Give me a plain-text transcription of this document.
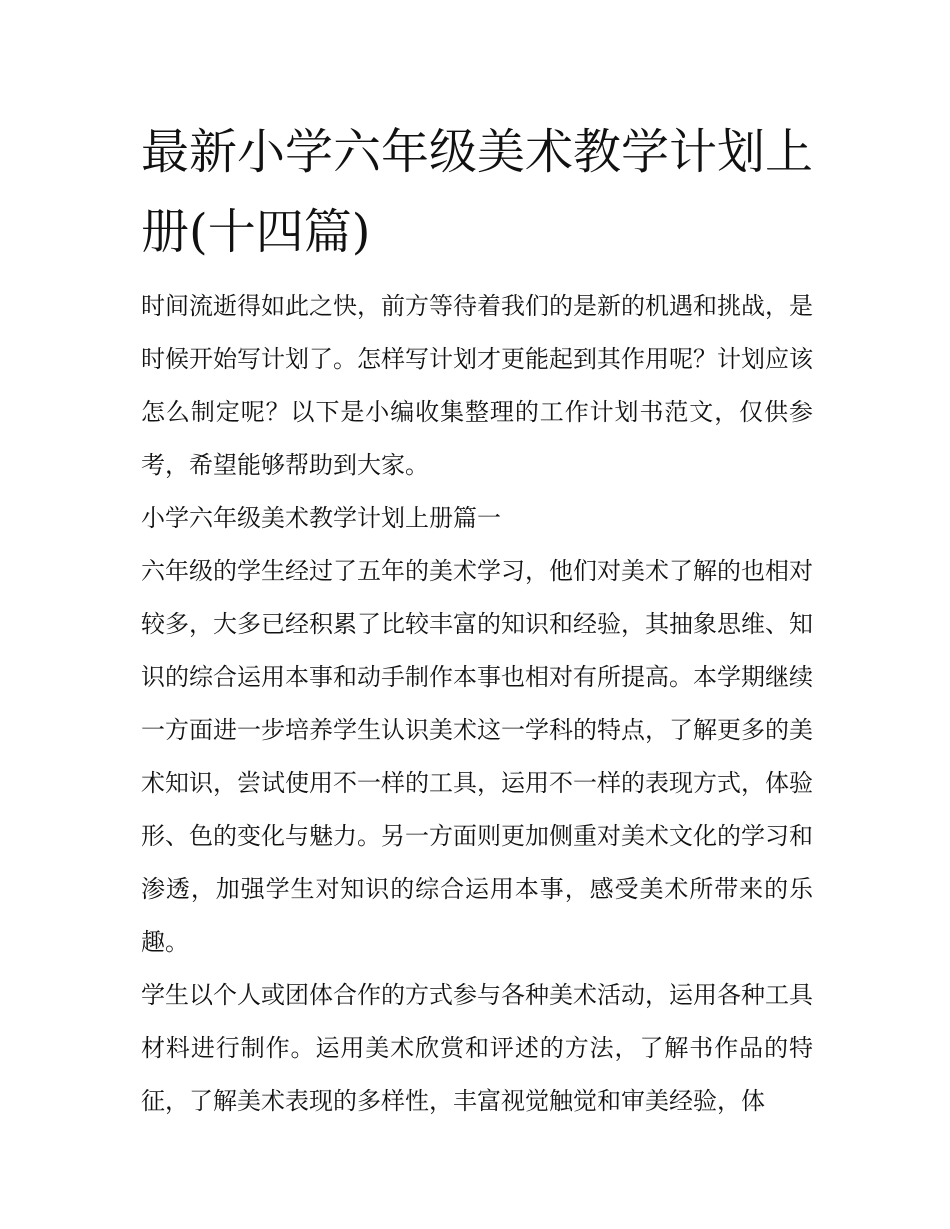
最新小学六年级美术教学计划上册(十四篇)

时间流逝得如此之快，前方等待着我们的是新的机遇和挑战，是时候开始写计划了。怎样写计划才更能起到其作用呢？计划应该怎么制定呢？以下是小编收集整理的工作计划书范文，仅供参考，希望能够帮助到大家。

小学六年级美术教学计划上册篇一

六年级的学生经过了五年的美术学习，他们对美术了解的也相对较多，大多已经积累了比较丰富的知识和经验，其抽象思维、知识的综合运用本事和动手制作本事也相对有所提高。本学期继续一方面进一步培养学生认识美术这一学科的特点，了解更多的美术知识，尝试使用不一样的工具，运用不一样的表现方式，体验形、色的变化与魅力。另一方面则更加侧重对美术文化的学习和渗透，加强学生对知识的综合运用本事，感受美术所带来的乐趣。

学生以个人或团体合作的方式参与各种美术活动，运用各种工具材料进行制作。运用美术欣赏和评述的方法，了解书作品的特征，了解美术表现的多样性，丰富视觉触觉和审美经验，体
